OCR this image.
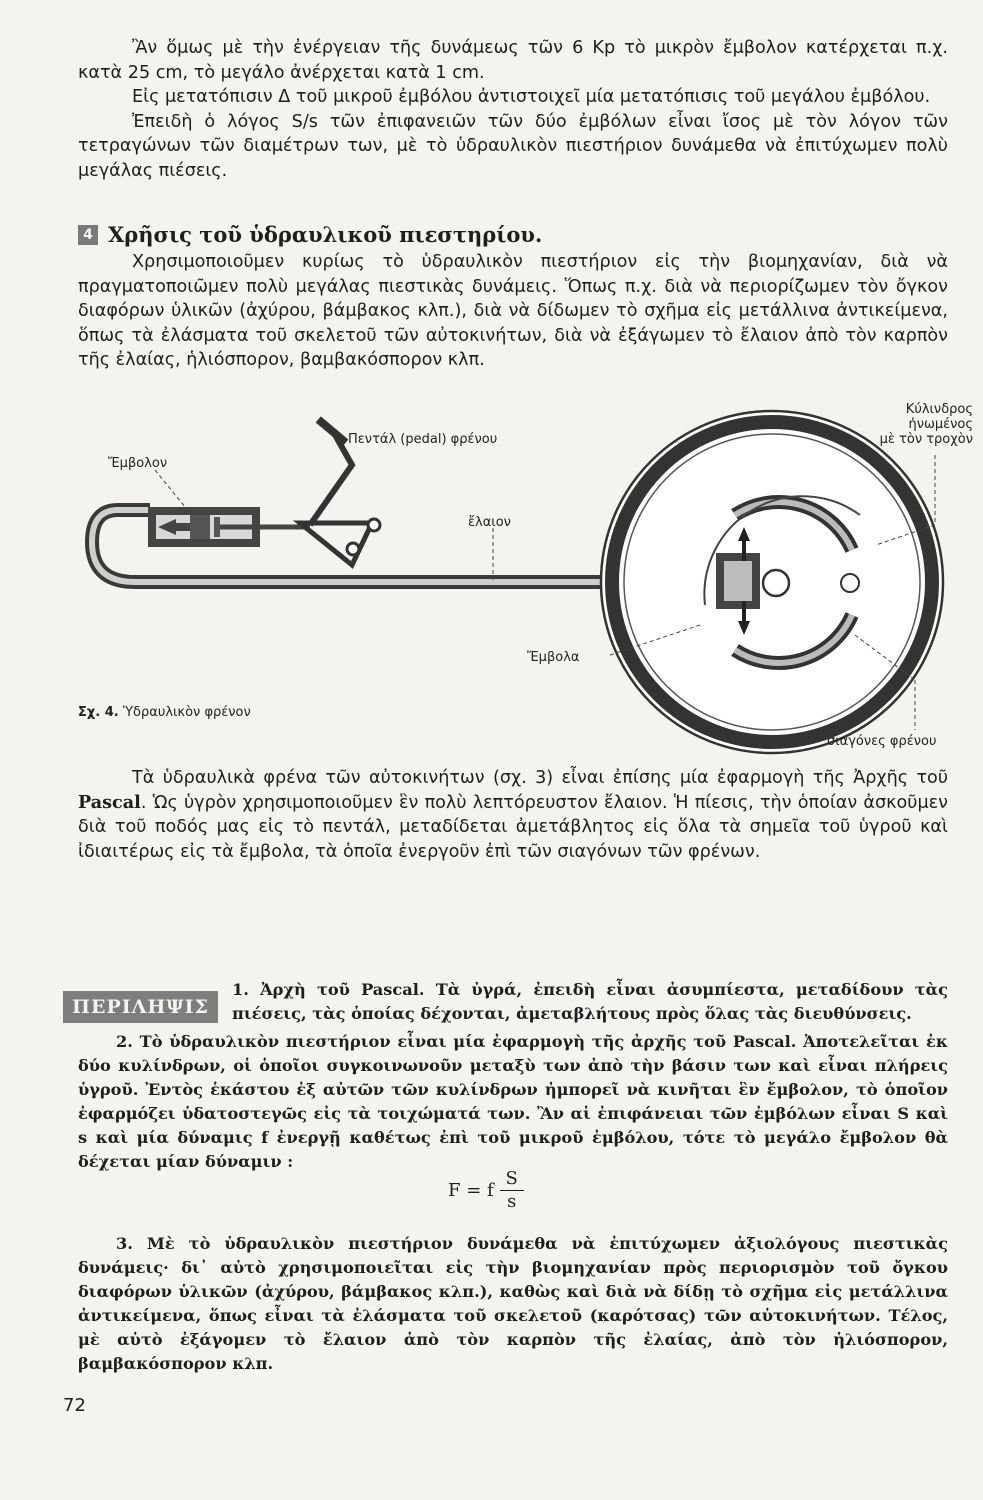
Ἂν ὅμως μὲ τὴν ἐνέργειαν τῆς δυνάμεως τῶν 6 Kp τὸ μικρὸν ἔμβολον κατέρχεται π.χ. κατὰ 25 cm, τὸ μεγάλο ἀνέρχεται κατὰ 1 cm.

Εἰς μετατόπισιν Δ τοῦ μικροῦ ἐμβόλου ἀντιστοιχεῖ μία μετατόπισις τοῦ μεγάλου ἐμβόλου.

Ἐπειδὴ ὁ λόγος S/s τῶν ἐπιφανειῶν τῶν δύο ἐμβόλων εἶναι ἴσος μὲ τὸν λόγον τῶν τετραγώνων τῶν διαμέτρων των, μὲ τὸ ὑδραυλικὸν πιεστήριον δυνάμεθα νὰ ἐπιτύχωμεν πολὺ μεγάλας πιέσεις.

4 Χρῆσις τοῦ ὑδραυλικοῦ πιεστηρίου.

Χρησιμοποιοῦμεν κυρίως τὸ ὑδραυλικὸν πιεστήριον εἰς τὴν βιομηχανίαν, διὰ νὰ πραγματοποιῶμεν πολὺ μεγάλας πιεστικὰς δυνάμεις. Ὅπως π.χ. διὰ νὰ περιορίζωμεν τὸν ὄγκον διαφόρων ὑλικῶν (ἀχύρου, βάμβακος κλπ.), διὰ νὰ δίδωμεν τὸ σχῆμα εἰς μετάλλινα ἀντικείμενα, ὅπως τὰ ἐλάσματα τοῦ σκελετοῦ τῶν αὐτοκινήτων, διὰ νὰ ἐξάγωμεν τὸ ἔλαιον ἀπὸ τὸν καρπὸν τῆς ἐλαίας, ἡλιόσπορον, βαμβακόσπορον κλπ.

Πεντάλ (pedal) φρένου
Ἔμβολον
ἔλαιον
Κύλινδρος
ἠνωμένος
μὲ τὸν τροχὸν
Ἔμβολα
σιαγόνες φρένου
Σχ. 4. Ὑδραυλικὸν φρένον

Τὰ ὑδραυλικὰ φρένα τῶν αὐτοκινήτων (σχ. 3) εἶναι ἐπίσης μία ἐφαρμογὴ τῆς Ἀρχῆς τοῦ Pascal. Ὡς ὑγρὸν χρησιμοποιοῦμεν ἓν πολὺ λεπτόρευστον ἔλαιον. Ἡ πίεσις, τὴν ὁποίαν ἀσκοῦμεν διὰ τοῦ ποδός μας εἰς τὸ πεντάλ, μεταδίδεται ἀμετάβλητος εἰς ὅλα τὰ σημεῖα τοῦ ὑγροῦ καὶ ἰδιαιτέρως εἰς τὰ ἔμβολα, τὰ ὁποῖα ἐνεργοῦν ἐπὶ τῶν σιαγόνων τῶν φρένων.

ΠΕΡΙΛΗΨΙΣ

1. Ἀρχὴ τοῦ Pascal. Τὰ ὑγρά, ἐπειδὴ εἶναι ἀσυμπίεστα, μεταδίδουν τὰς πιέσεις, τὰς ὁποίας δέχονται, ἀμεταβλήτους πρὸς ὅλας τὰς διευθύνσεις.

2. Τὸ ὑδραυλικὸν πιεστήριον εἶναι μία ἐφαρμογὴ τῆς ἀρχῆς τοῦ Pascal. Ἀποτελεῖται ἐκ δύο κυλίνδρων, οἱ ὁποῖοι συγκοινωνοῦν μεταξὺ των ἀπὸ τὴν βάσιν των καὶ εἶναι πλήρεις ὑγροῦ. Ἐντὸς ἑκάστου ἐξ αὐτῶν τῶν κυλίνδρων ἠμπορεῖ νὰ κινῆται ἓν ἔμβολον, τὸ ὁποῖον ἐφαρμόζει ὑδατοστεγῶς εἰς τὰ τοιχώματά των. Ἂν αἱ ἐπιφάνειαι τῶν ἐμβόλων εἶναι S καὶ s καὶ μία δύναμις f ἐνεργῇ καθέτως ἐπὶ τοῦ μικροῦ ἐμβόλου, τότε τὸ μεγάλο ἔμβολον θὰ δέχεται μίαν δύναμιν :

F = f $\frac{S}{s}$

3. Μὲ τὸ ὑδραυλικὸν πιεστήριον δυνάμεθα νὰ ἐπιτύχωμεν ἀξιολόγους πιεστικὰς δυνάμεις· δι᾿ αὐτὸ χρησιμοποιεῖται εἰς τὴν βιομηχανίαν πρὸς περιορισμὸν τοῦ ὄγκου διαφόρων ὑλικῶν (ἀχύρου, βάμβακος κλπ.), καθὼς καὶ διὰ νὰ δίδῃ τὸ σχῆμα εἰς μετάλλινα ἀντικείμενα, ὅπως εἶναι τὰ ἐλάσματα τοῦ σκελετοῦ (καρότσας) τῶν αὐτοκινήτων. Τέλος, μὲ αὐτὸ ἐξάγομεν τὸ ἔλαιον ἀπὸ τὸν καρπὸν τῆς ἐλαίας, ἀπὸ τὸν ἡλιόσπορον, βαμβακόσπορον κλπ.

72
